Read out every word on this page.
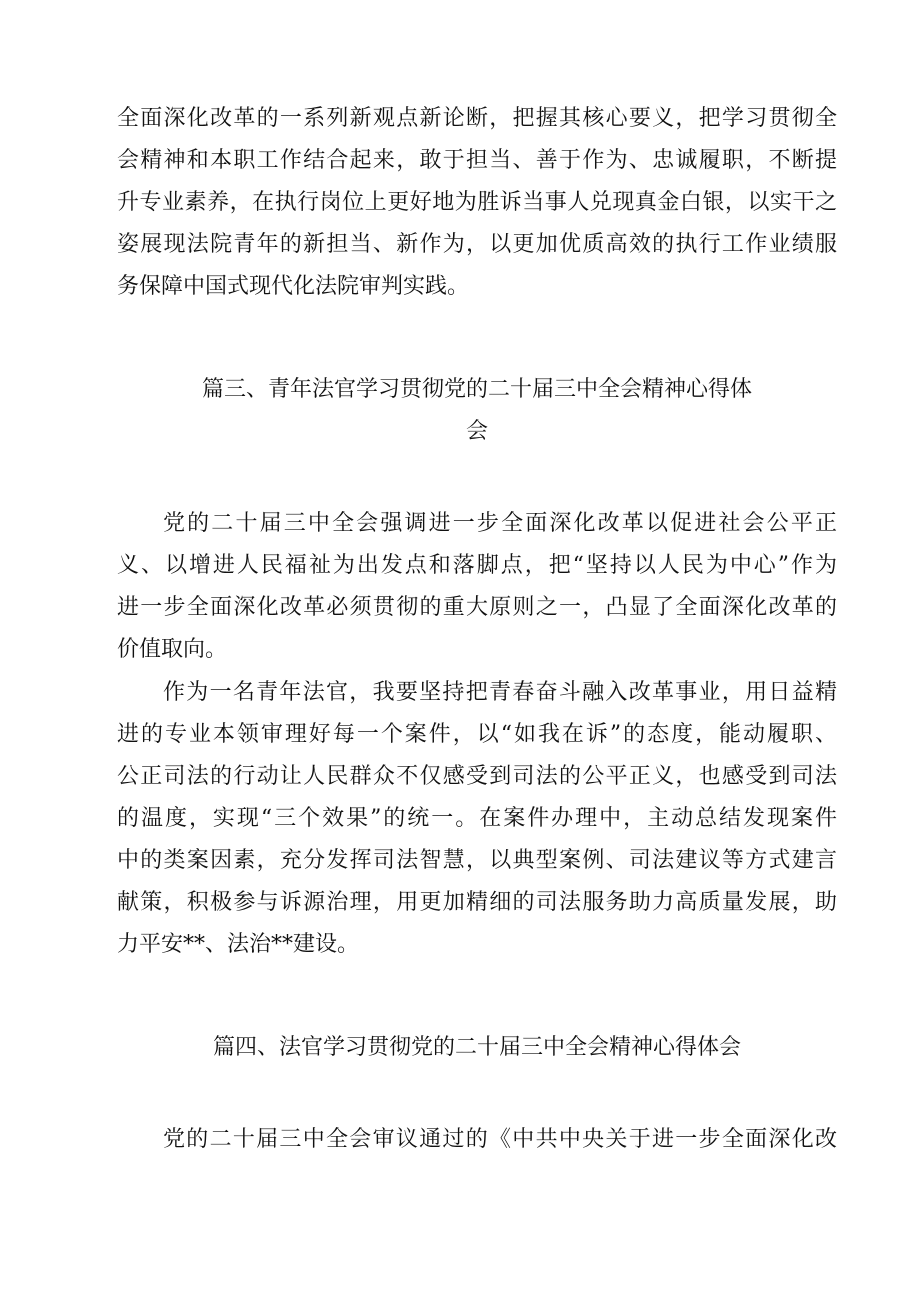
全面深化改革的一系列新观点新论断，把握其核心要义，把学习贯彻全
会精神和本职工作结合起来，敢于担当、善于作为、忠诚履职，不断提
升专业素养，在执行岗位上更好地为胜诉当事人兑现真金白银，以实干之
姿展现法院青年的新担当、新作为，以更加优质高效的执行工作业绩服
务保障中国式现代化法院审判实践。
篇三、青年法官学习贯彻党的二十届三中全会精神心得体
会
党的二十届三中全会强调进一步全面深化改革以促进社会公平正
义、以增进人民福祉为出发点和落脚点，把“坚持以人民为中心”作为
进一步全面深化改革必须贯彻的重大原则之一，凸显了全面深化改革的
价值取向。
作为一名青年法官，我要坚持把青春奋斗融入改革事业，用日益精
进的专业本领审理好每一个案件，以“如我在诉”的态度，能动履职、
公正司法的行动让人民群众不仅感受到司法的公平正义，也感受到司法
的温度，实现“三个效果”的统一。在案件办理中，主动总结发现案件
中的类案因素，充分发挥司法智慧，以典型案例、司法建议等方式建言
献策，积极参与诉源治理，用更加精细的司法服务助力高质量发展，助
力平安**、法治**建设。
篇四、法官学习贯彻党的二十届三中全会精神心得体会
党的二十届三中全会审议通过的《中共中央关于进一步全面深化改
